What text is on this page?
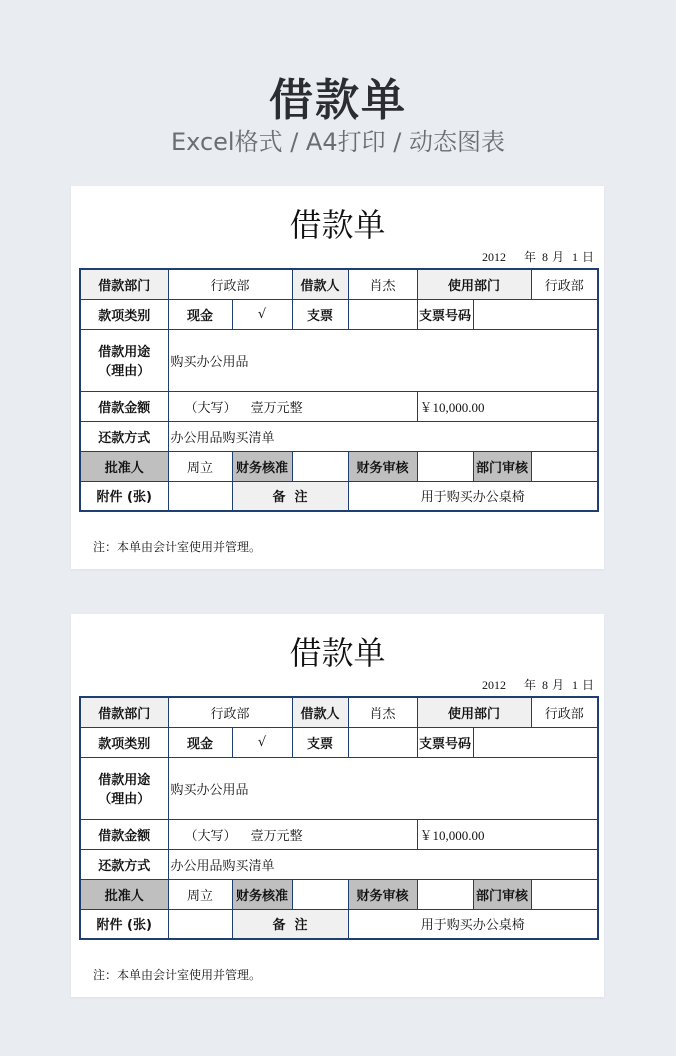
借款单
Excel格式 / A4打印 / 动态图表
借款单
2012 年 8 月 1 日
借款部门	行政部		借款人	肖杰	使用部门		行政部
款项类别	现金	√	支票		支票号码		

借款用途
（理由）	购买办公用品						
借款金额	（大写） 壹万元整				￥10,000.00		
还款方式	办公用品购买清单						
批准人	周立	财务核准		财务审核		部门审核	
附件 (张)		备  注		用于购买办公桌椅			
注：本单由会计室使用并管理。
借款单
2012 年 8 月 1 日
借款部门	行政部		借款人	肖杰	使用部门		行政部
款项类别	现金	√	支票		支票号码		

借款用途
（理由）	购买办公用品						
借款金额	（大写） 壹万元整				￥10,000.00		
还款方式	办公用品购买清单						
批准人	周立	财务核准		财务审核		部门审核	
附件 (张)		备  注		用于购买办公桌椅			
注：本单由会计室使用并管理。
